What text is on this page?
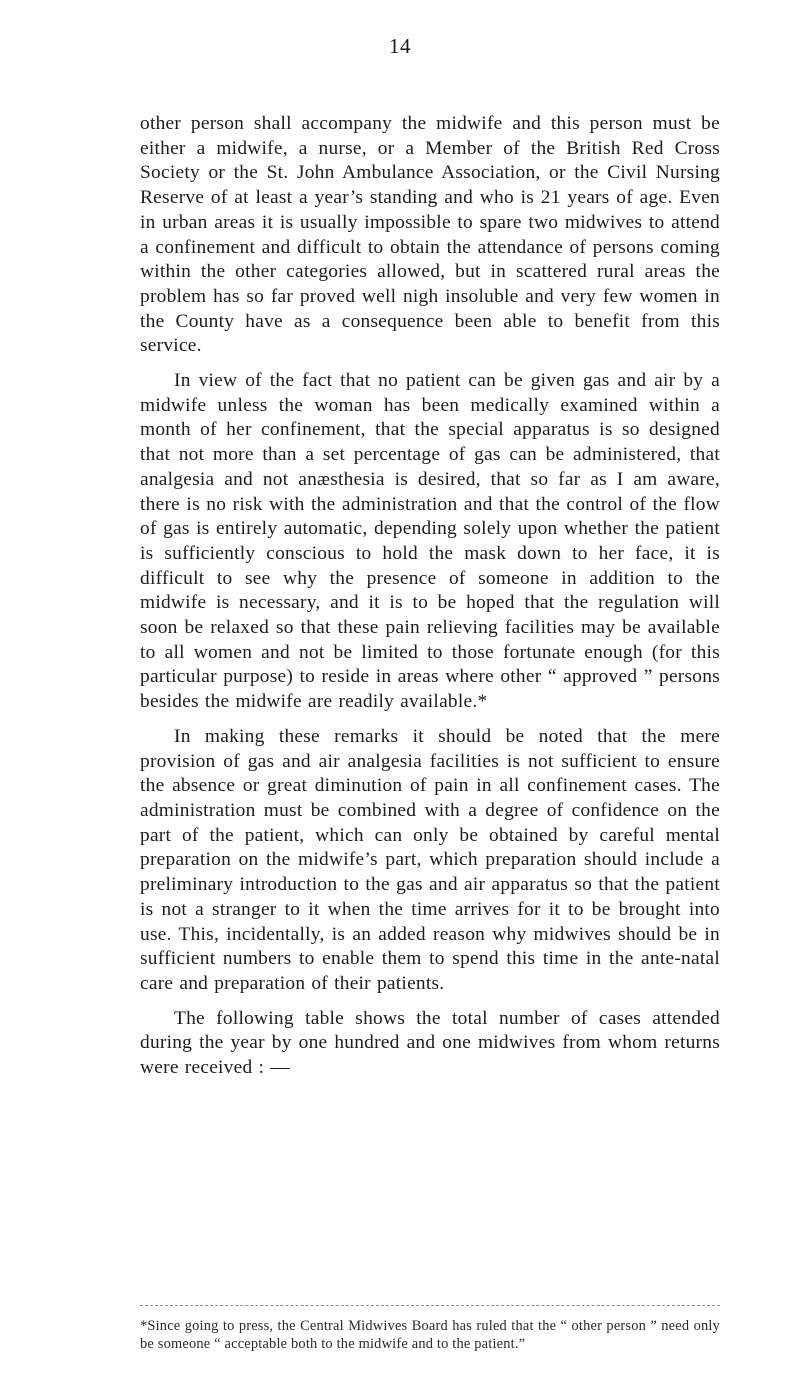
14

other person shall accompany the midwife and this person must be either a midwife, a nurse, or a Member of the British Red Cross Society or the St. John Ambulance Association, or the Civil Nursing Reserve of at least a year’s standing and who is 21 years of age. Even in urban areas it is usually impossible to spare two midwives to attend a confinement and difficult to obtain the attendance of persons coming within the other categories allowed, but in scattered rural areas the problem has so far proved well nigh insoluble and very few women in the County have as a consequence been able to benefit from this service.

In view of the fact that no patient can be given gas and air by a midwife unless the woman has been medically examined within a month of her confinement, that the special apparatus is so designed that not more than a set percentage of gas can be administered, that analgesia and not anæsthesia is desired, that so far as I am aware, there is no risk with the administration and that the control of the flow of gas is entirely automatic, depending solely upon whether the patient is sufficiently conscious to hold the mask down to her face, it is difficult to see why the presence of someone in addition to the midwife is necessary, and it is to be hoped that the regulation will soon be relaxed so that these pain relieving facilities may be available to all women and not be limited to those fortunate enough (for this particular purpose) to reside in areas where other “ approved ” persons besides the midwife are readily available.*

In making these remarks it should be noted that the mere provision of gas and air analgesia facilities is not sufficient to ensure the absence or great diminution of pain in all confinement cases. The administration must be combined with a degree of confidence on the part of the patient, which can only be obtained by careful mental preparation on the midwife’s part, which preparation should include a preliminary introduction to the gas and air apparatus so that the patient is not a stranger to it when the time arrives for it to be brought into use. This, incidentally, is an added reason why midwives should be in sufficient numbers to enable them to spend this time in the ante-natal care and preparation of their patients.

The following table shows the total number of cases attended during the year by one hundred and one midwives from whom returns were received : —

*Since going to press, the Central Midwives Board has ruled that the “ other person ” need only be someone “ acceptable both to the midwife and to the patient.”
